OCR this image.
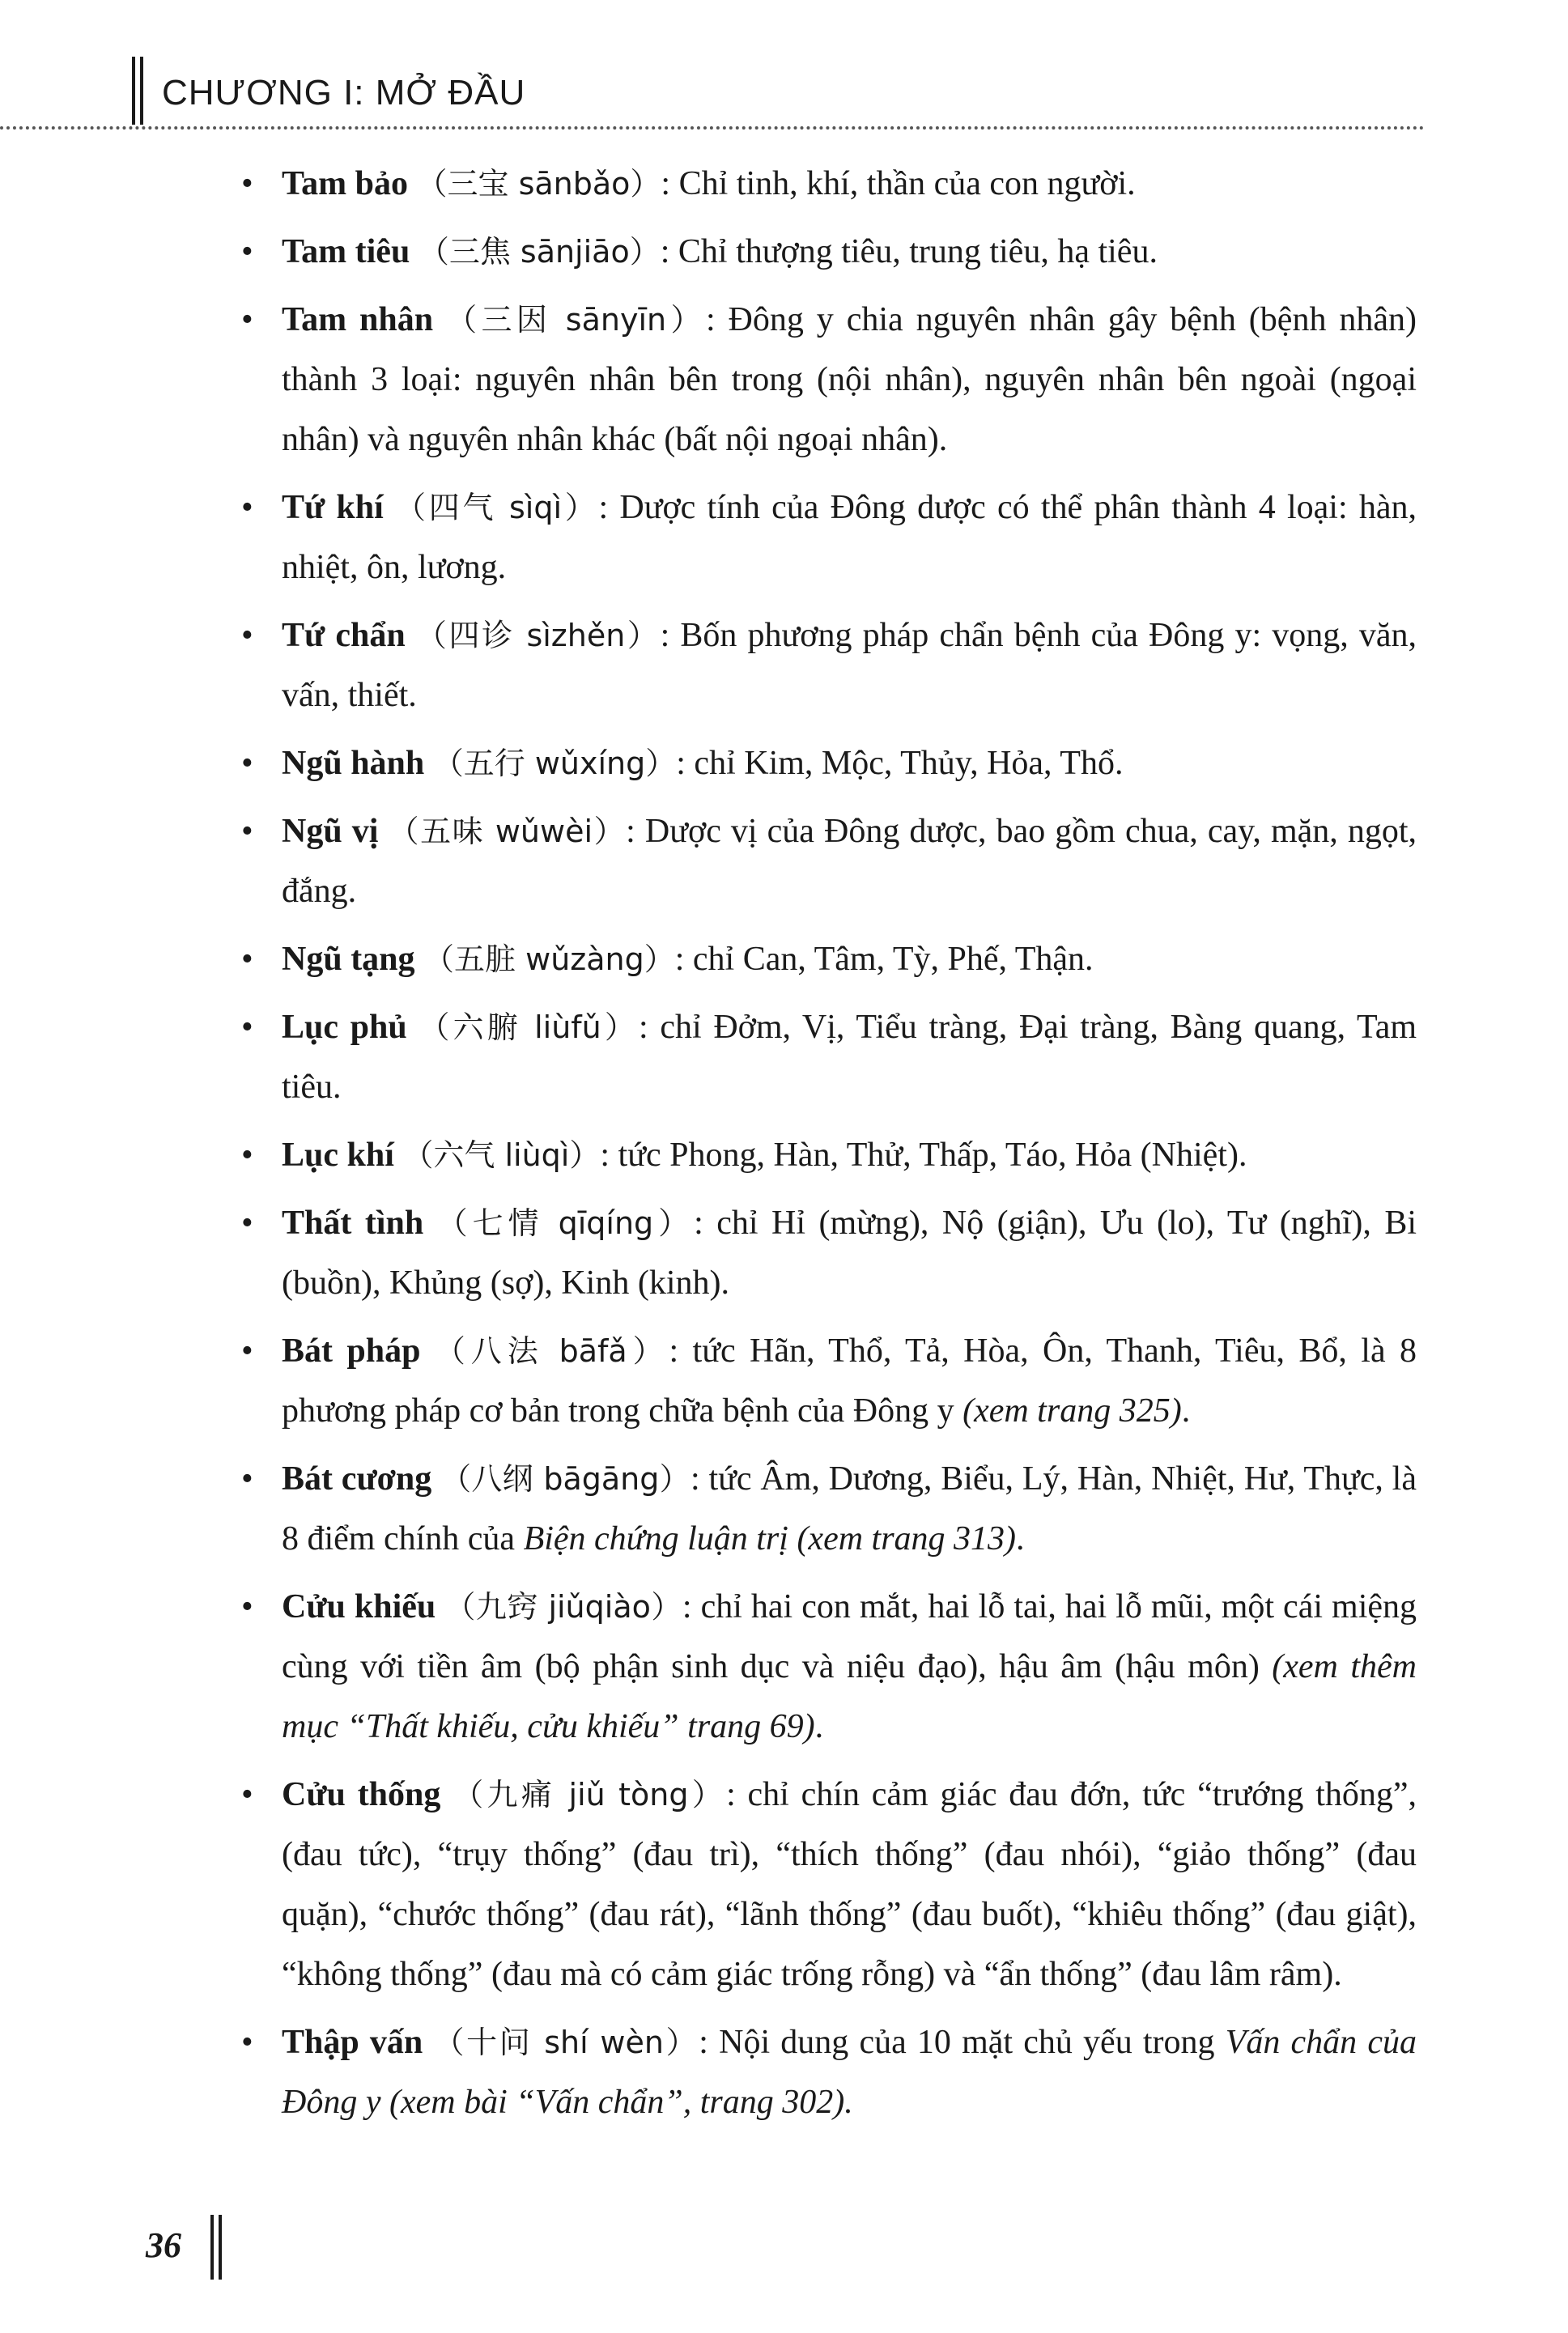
CHƯƠNG I: MỞ ĐẦU
• Tam bảo （三宝 sānbǎo）: Chỉ tinh, khí, thần của con người.
• Tam tiêu （三焦 sānjiāo）: Chỉ thượng tiêu, trung tiêu, hạ tiêu.
• Tam nhân （三因 sānyīn）: Đông y chia nguyên nhân gây bệnh (bệnh nhân) thành 3 loại: nguyên nhân bên trong (nội nhân), nguyên nhân bên ngoài (ngoại nhân) và nguyên nhân khác (bất nội ngoại nhân).
• Tứ khí （四气 sìqì）: Dược tính của Đông dược có thể phân thành 4 loại: hàn, nhiệt, ôn, lương.
• Tứ chẩn （四诊 sìzhěn）: Bốn phương pháp chẩn bệnh của Đông y: vọng, văn, vấn, thiết.
• Ngũ hành （五行 wǔxíng）: chỉ Kim, Mộc, Thủy, Hỏa, Thổ.
• Ngũ vị （五味 wǔwèi）: Dược vị của Đông dược, bao gồm chua, cay, mặn, ngọt, đắng.
• Ngũ tạng （五脏 wǔzàng）: chỉ Can, Tâm, Tỳ, Phế, Thận.
• Lục phủ （六腑 liùfǔ）: chỉ Đởm, Vị, Tiểu tràng, Đại tràng, Bàng quang, Tam tiêu.
• Lục khí （六气 liùqì）: tức Phong, Hàn, Thử, Thấp, Táo, Hỏa (Nhiệt).
• Thất tình （七情 qīqíng）: chỉ Hỉ (mừng), Nộ (giận), Ưu (lo), Tư (nghĩ), Bi (buồn), Khủng (sợ), Kinh (kinh).
• Bát pháp （八法 bāfǎ）: tức Hãn, Thổ, Tả, Hòa, Ôn, Thanh, Tiêu, Bổ, là 8 phương pháp cơ bản trong chữa bệnh của Đông y (xem trang 325).
• Bát cương （八纲 bāgāng）: tức Âm, Dương, Biểu, Lý, Hàn, Nhiệt, Hư, Thực, là 8 điểm chính của Biện chứng luận trị (xem trang 313).
• Cửu khiếu （九窍 jiǔqiào）: chỉ hai con mắt, hai lỗ tai, hai lỗ mũi, một cái miệng cùng với tiền âm (bộ phận sinh dục và niệu đạo), hậu âm (hậu môn) (xem thêm mục “Thất khiếu, cửu khiếu” trang 69).
• Cửu thống （九痛 jiǔ tòng）: chỉ chín cảm giác đau đớn, tức “trướng thống”, (đau tức), “trụy thống” (đau trì), “thích thống” (đau nhói), “giảo thống” (đau quặn), “chước thống” (đau rát), “lãnh thống” (đau buốt), “khiêu thống” (đau giật), “không thống” (đau mà có cảm giác trống rỗng) và “ẩn thống” (đau lâm râm).
• Thập vấn （十问 shí wèn）: Nội dung của 10 mặt chủ yếu trong Vấn chẩn của Đông y (xem bài “Vấn chẩn”, trang 302).
36
